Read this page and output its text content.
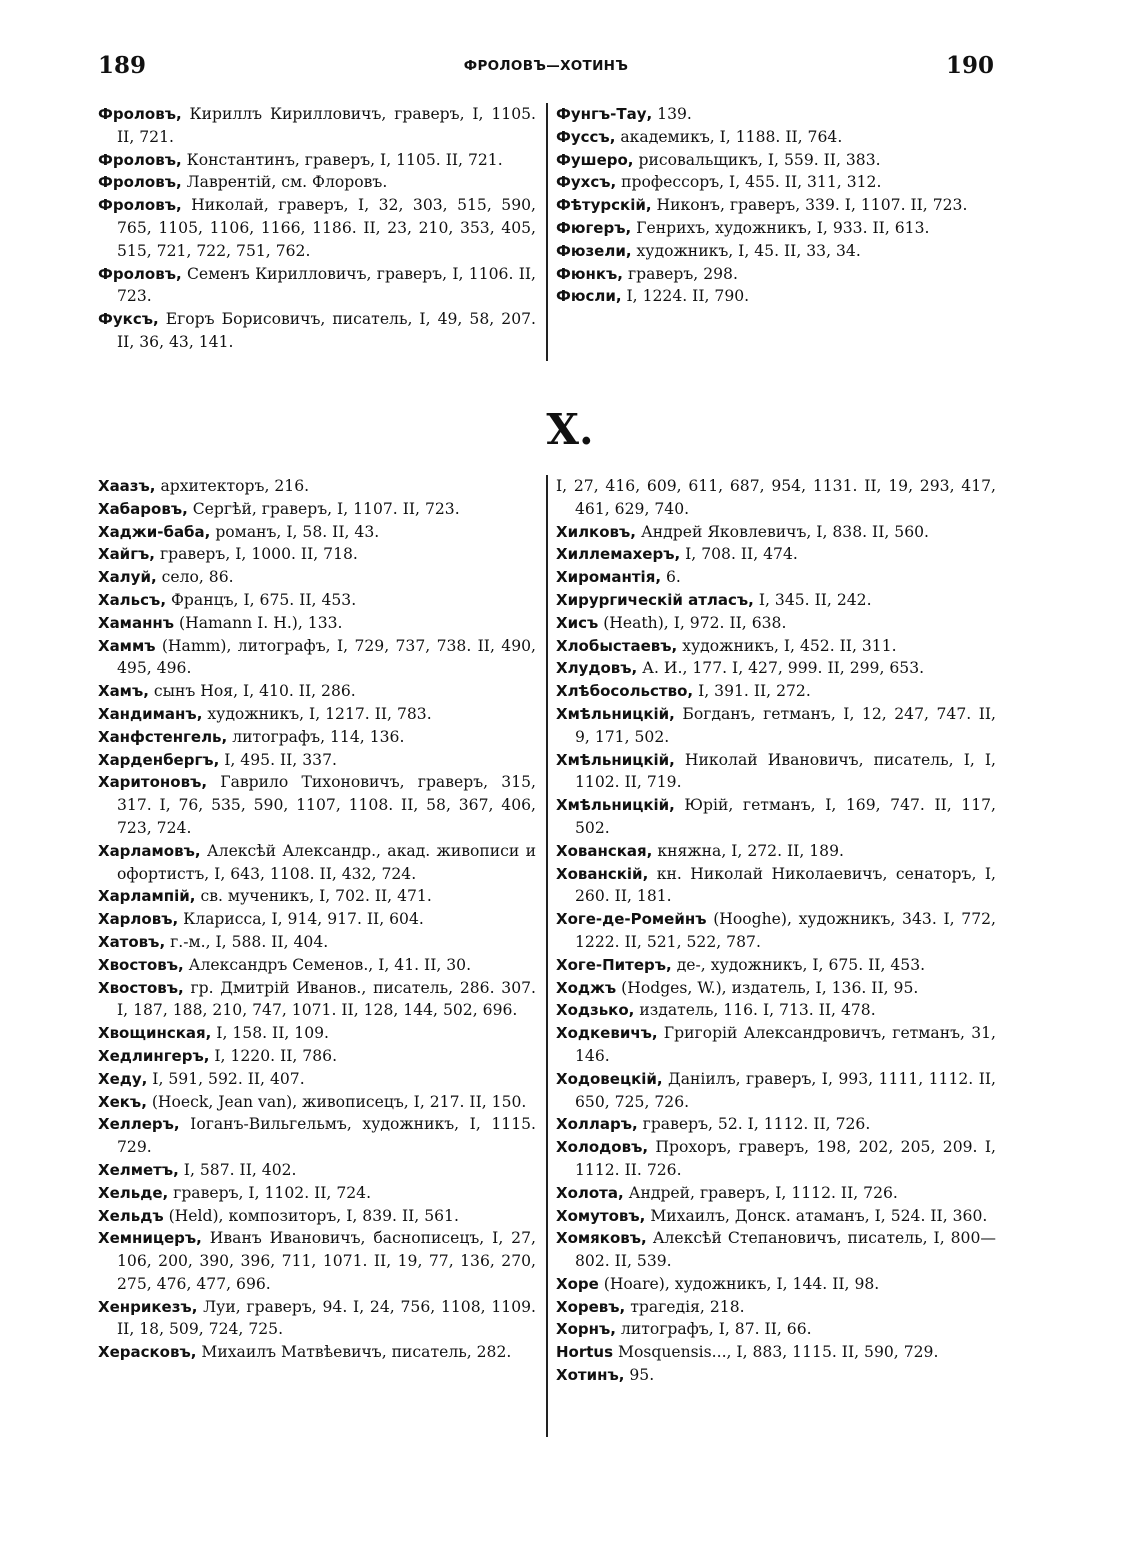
189	ФРОЛОВЪ—ХОТИНЪ	190

Фроловъ, Кириллъ Кирилловичъ, граверъ, I, 1105. II, 721.

Фроловъ, Константинъ, граверъ, I, 1105. II, 721.

Фроловъ, Лаврентій, см. Флоровъ.

Фроловъ, Николай, граверъ, I, 32, 303, 515, 590, 765, 1105, 1106, 1166, 1186. II, 23, 210, 353, 405, 515, 721, 722, 751, 762.

Фроловъ, Семенъ Кирилловичъ, граверъ, I, 1106. II, 723.

Фуксъ, Егоръ Борисовичъ, писатель, I, 49, 58, 207. II, 36, 43, 141.

Фунгъ-Тау, 139.

Фуссъ, академикъ, I, 1188. II, 764.

Фушеро, рисовальщикъ, I, 559. II, 383.

Фухсъ, профессоръ, I, 455. II, 311, 312.

Фѣтурскій, Никонъ, граверъ, 339. I, 1107. II, 723.

Фюгеръ, Генрихъ, художникъ, I, 933. II, 613.

Фюзели, художникъ, I, 45. II, 33, 34.

Фюнкъ, граверъ, 298.

Фюсли, I, 1224. II, 790.

Х.

Хаазъ, архитекторъ, 216.

Хабаровъ, Сергѣй, граверъ, I, 1107. II, 723.

Хаджи-баба, романъ, I, 58. II, 43.

Хайгъ, граверъ, I, 1000. II, 718.

Халуй, село, 86.

Хальсъ, Францъ, I, 675. II, 453.

Хаманнъ (Hamann I. H.), 133.

Хаммъ (Hamm), литографъ, I, 729, 737, 738. II, 490, 495, 496.

Хамъ, сынъ Ноя, I, 410. II, 286.

Хандиманъ, художникъ, I, 1217. II, 783.

Ханфстенгель, литографъ, 114, 136.

Харденбергъ, I, 495. II, 337.

Харитоновъ, Гаврило Тихоновичъ, граверъ, 315, 317. I, 76, 535, 590, 1107, 1108. II, 58, 367, 406, 723, 724.

Харламовъ, Алексѣй Александр., акад. живописи и офортистъ, I, 643, 1108. II, 432, 724.

Харлампій, св. мученикъ, I, 702. II, 471.

Харловъ, Кларисса, I, 914, 917. II, 604.

Хатовъ, г.-м., I, 588. II, 404.

Хвостовъ, Александръ Семенов., I, 41. II, 30.

Хвостовъ, гр. Дмитрій Иванов., писатель, 286. 307. I, 187, 188, 210, 747, 1071. II, 128, 144, 502, 696.

Хвощинская, I, 158. II, 109.

Хедлингеръ, I, 1220. II, 786.

Хеду, I, 591, 592. II, 407.

Хекъ, (Hoeck, Jean van), живописецъ, I, 217. II, 150.

Хеллеръ, Іоганъ-Вильгельмъ, художникъ, I, 1115. 729.

Хелметъ, I, 587. II, 402.

Хельде, граверъ, I, 1102. II, 724.

Хельдъ (Held), композиторъ, I, 839. II, 561.

Хемницеръ, Иванъ Ивановичъ, баснописецъ, I, 27, 106, 200, 390, 396, 711, 1071. II, 19, 77, 136, 270, 275, 476, 477, 696.

Хенрикезъ, Луи, граверъ, 94. I, 24, 756, 1108, 1109. II, 18, 509, 724, 725.

Херасковъ, Михаилъ Матвѣевичъ, писатель, 282.

I, 27, 416, 609, 611, 687, 954, 1131. II, 19, 293, 417, 461, 629, 740.

Хилковъ, Андрей Яковлевичъ, I, 838. II, 560.

Хиллемахеръ, I, 708. II, 474.

Хиромантія, 6.

Хирургическій атласъ, I, 345. II, 242.

Хисъ (Heath), I, 972. II, 638.

Хлобыстаевъ, художникъ, I, 452. II, 311.

Хлудовъ, А. И., 177. I, 427, 999. II, 299, 653.

Хлѣбосольство, I, 391. II, 272.

Хмѣльницкій, Богданъ, гетманъ, I, 12, 247, 747. II, 9, 171, 502.

Хмѣльницкій, Николай Ивановичъ, писатель, I, I, 1102. II, 719.

Хмѣльницкій, Юрій, гетманъ, I, 169, 747. II, 117, 502.

Хованская, княжна, I, 272. II, 189.

Хованскій, кн. Николай Николаевичъ, сенаторъ, I, 260. II, 181.

Хоге-де-Ромейнъ (Hooghe), художникъ, 343. I, 772, 1222. II, 521, 522, 787.

Хоге-Питеръ, де-, художникъ, I, 675. II, 453.

Ходжъ (Hodges, W.), издатель, I, 136. II, 95.

Ходзько, издатель, 116. I, 713. II, 478.

Ходкевичъ, Григорій Александровичъ, гетманъ, 31, 146.

Ходовецкій, Даніилъ, граверъ, I, 993, 1111, 1112. II, 650, 725, 726.

Холларъ, граверъ, 52. I, 1112. II, 726.

Холодовъ, Прохоръ, граверъ, 198, 202, 205, 209. I, 1112. II. 726.

Холота, Андрей, граверъ, I, 1112. II, 726.

Хомутовъ, Михаилъ, Донск. атаманъ, I, 524. II, 360.

Хомяковъ, Алексѣй Степановичъ, писатель, I, 800—802. II, 539.

Хоре (Hoare), художникъ, I, 144. II, 98.

Хоревъ, трагедія, 218.

Хорнъ, литографъ, I, 87. II, 66.

Hortus Mosquensis..., I, 883, 1115. II, 590, 729.

Хотинъ, 95.
